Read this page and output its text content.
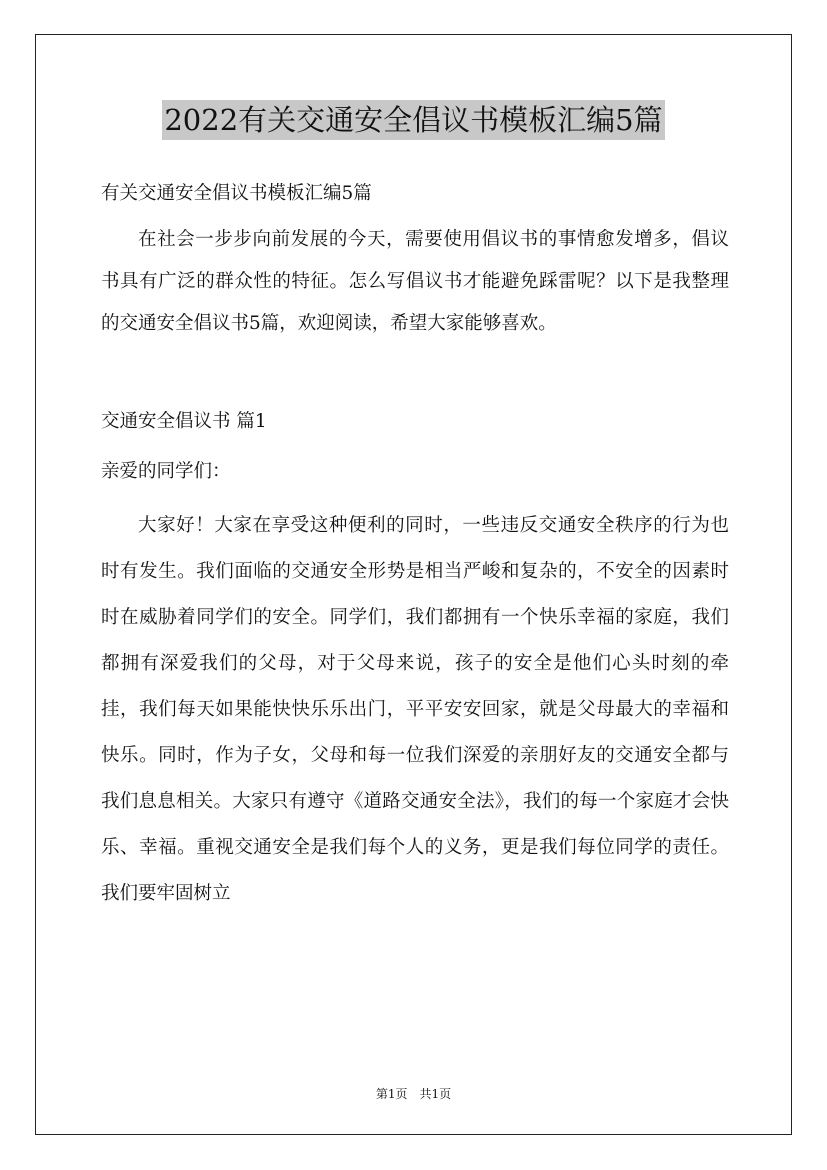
2022有关交通安全倡议书模板汇编5篇

有关交通安全倡议书模板汇编5篇

在社会一步步向前发展的今天，需要使用倡议书的事情愈发增多，倡议书具有广泛的群众性的特征。怎么写倡议书才能避免踩雷呢？以下是我整理的交通安全倡议书5篇，欢迎阅读，希望大家能够喜欢。

交通安全倡议书 篇1

亲爱的同学们：

大家好！大家在享受这种便利的同时，一些违反交通安全秩序的行为也时有发生。我们面临的交通安全形势是相当严峻和复杂的，不安全的因素时时在威胁着同学们的安全。同学们，我们都拥有一个快乐幸福的家庭，我们都拥有深爱我们的父母，对于父母来说，孩子的安全是他们心头时刻的牵挂，我们每天如果能快快乐乐出门，平平安安回家，就是父母最大的幸福和快乐。同时，作为子女，父母和每一位我们深爱的亲朋好友的交通安全都与我们息息相关。大家只有遵守《道路交通安全法》，我们的每一个家庭才会快乐、幸福。重视交通安全是我们每个人的义务，更是我们每位同学的责任。我们要牢固树立

第1页　共1页
